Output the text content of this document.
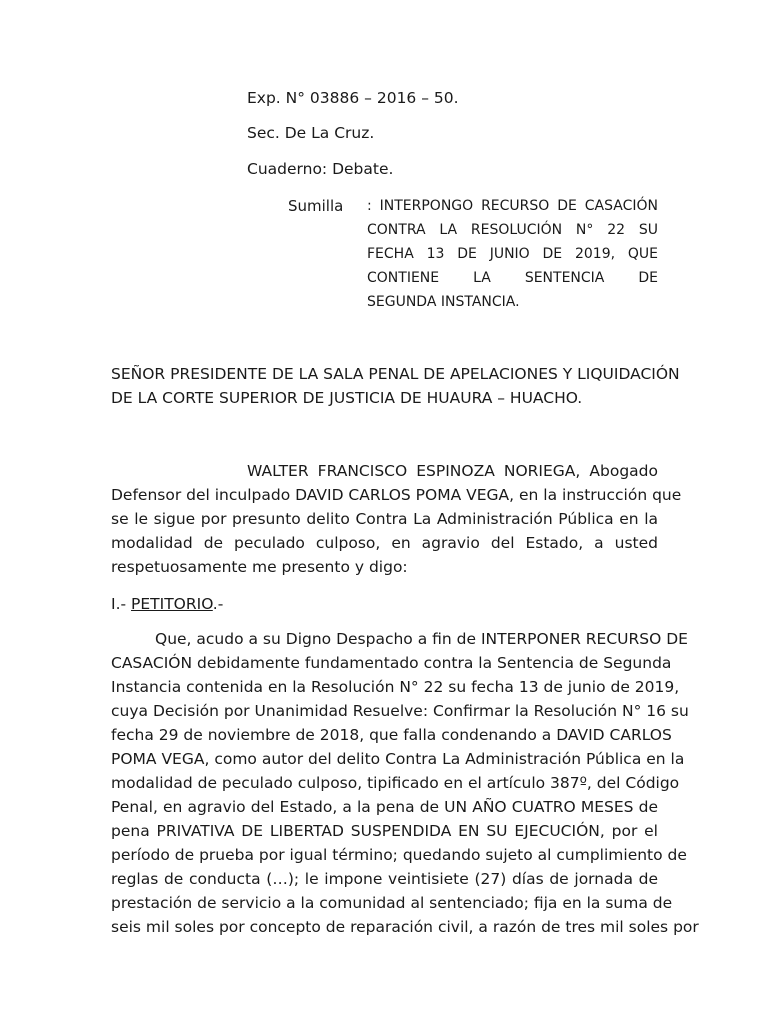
Exp. N° 03886 – 2016 – 50.
Sec. De La Cruz.
Cuaderno: Debate.
Sumilla : INTERPONGO RECURSO DE CASACIÓN
CONTRA LA RESOLUCIÓN N° 22 SU
FECHA 13 DE JUNIO DE 2019, QUE
CONTIENE LA SENTENCIA DE
SEGUNDA INSTANCIA.
SEÑOR PRESIDENTE DE LA SALA PENAL DE APELACIONES Y LIQUIDACIÓN
DE LA CORTE SUPERIOR DE JUSTICIA DE HUAURA – HUACHO.
WALTER FRANCISCO ESPINOZA NORIEGA, Abogado
Defensor del inculpado DAVID CARLOS POMA VEGA, en la instrucción que
se le sigue por presunto delito Contra La Administración Pública en la
modalidad de peculado culposo, en agravio del Estado, a usted
respetuosamente me presento y digo:
I.- PETITORIO.-
Que, acudo a su Digno Despacho a fin de INTERPONER RECURSO DE
CASACIÓN debidamente fundamentado contra la Sentencia de Segunda
Instancia contenida en la Resolución N° 22 su fecha 13 de junio de 2019,
cuya Decisión por Unanimidad Resuelve: Confirmar la Resolución N° 16 su
fecha 29 de noviembre de 2018, que falla condenando a DAVID CARLOS
POMA VEGA, como autor del delito Contra La Administración Pública en la
modalidad de peculado culposo, tipificado en el artículo 387º, del Código
Penal, en agravio del Estado, a la pena de UN AÑO CUATRO MESES de
pena PRIVATIVA DE LIBERTAD SUSPENDIDA EN SU EJECUCIÓN, por el
período de prueba por igual término; quedando sujeto al cumplimiento de
reglas de conducta (…); le impone veintisiete (27) días de jornada de
prestación de servicio a la comunidad al sentenciado; fija en la suma de
seis mil soles por concepto de reparación civil, a razón de tres mil soles por
